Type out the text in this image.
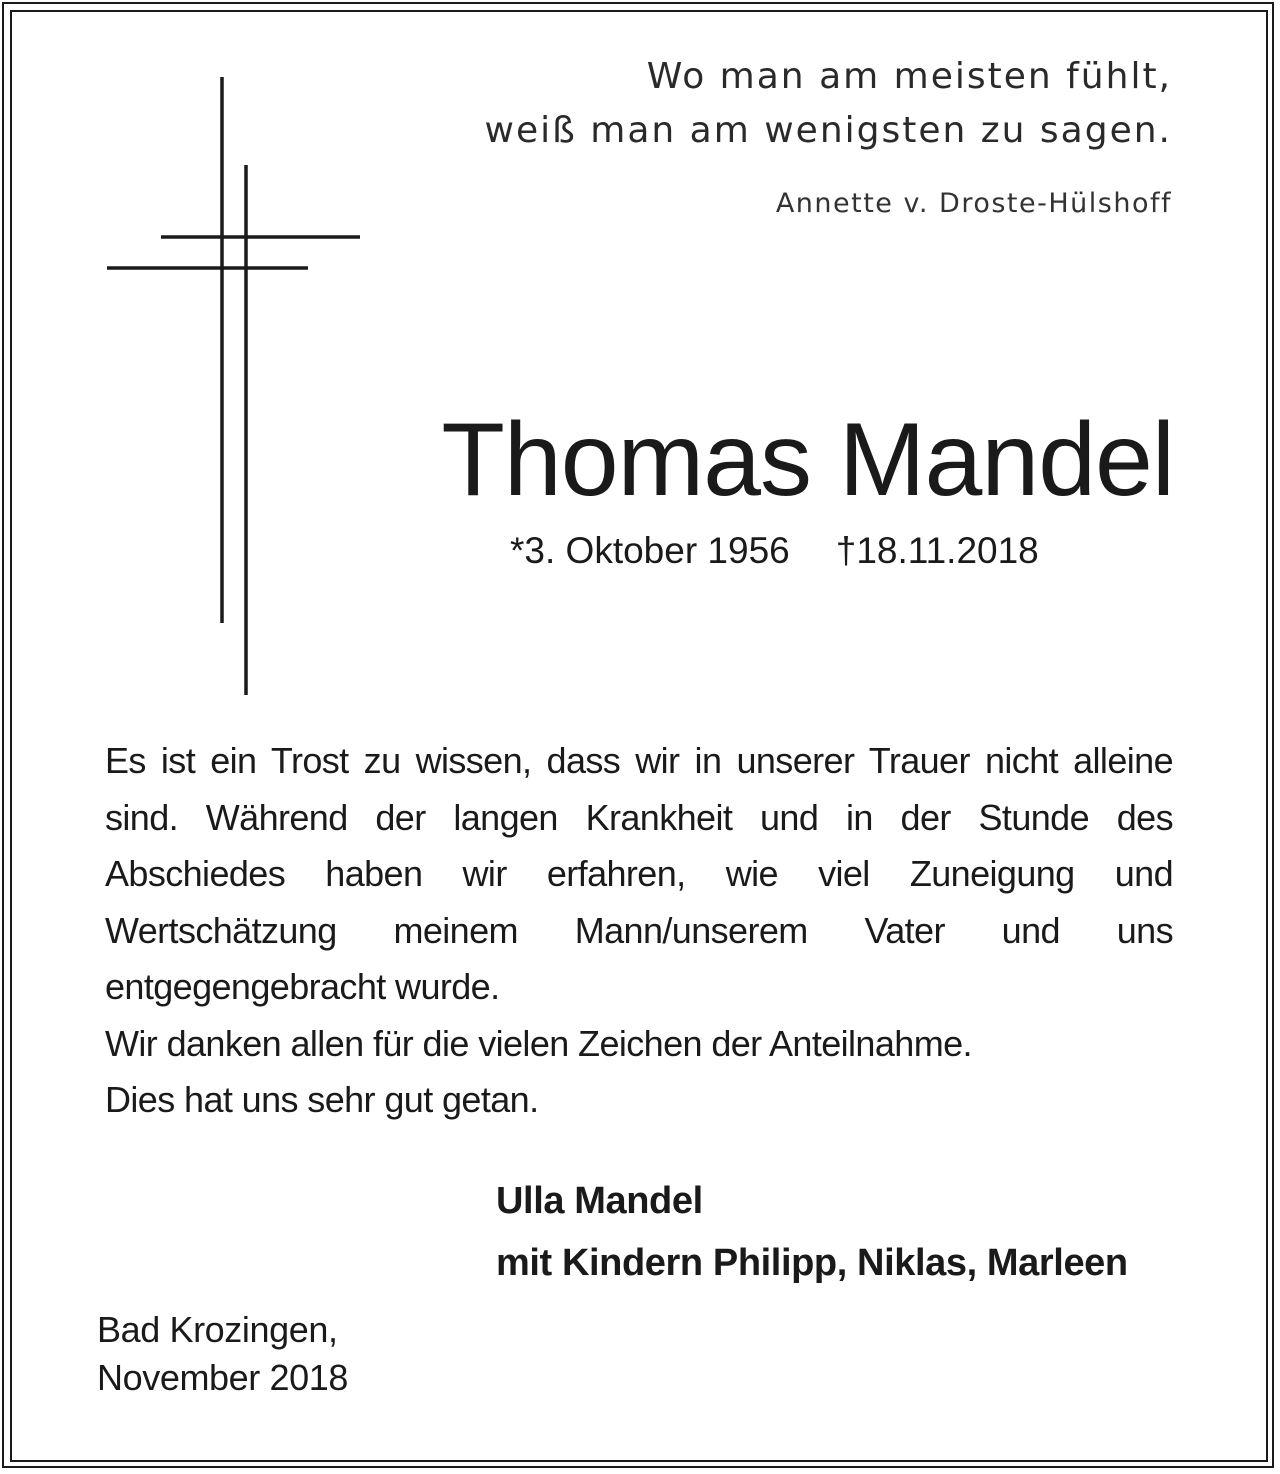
Wo man am meisten fühlt,
weiß man am wenigsten zu sagen.
Annette v. Droste-Hülshoff
Thomas Mandel
*3. Oktober 1956 †18.11.2018

Es ist ein Trost zu wissen, dass wir in unserer Trauer nicht alleine sind. Während der langen Krankheit und in der Stunde des Abschiedes haben wir erfahren, wie viel Zuneigung und Wertschätzung meinem Mann/unserem Vater und uns entgegengebracht wurde.

Wir danken allen für die vielen Zeichen der Anteilnahme.

Dies hat uns sehr gut getan.

Ulla Mandel
mit Kindern Philipp, Niklas, Marleen
Bad Krozingen,
November 2018
